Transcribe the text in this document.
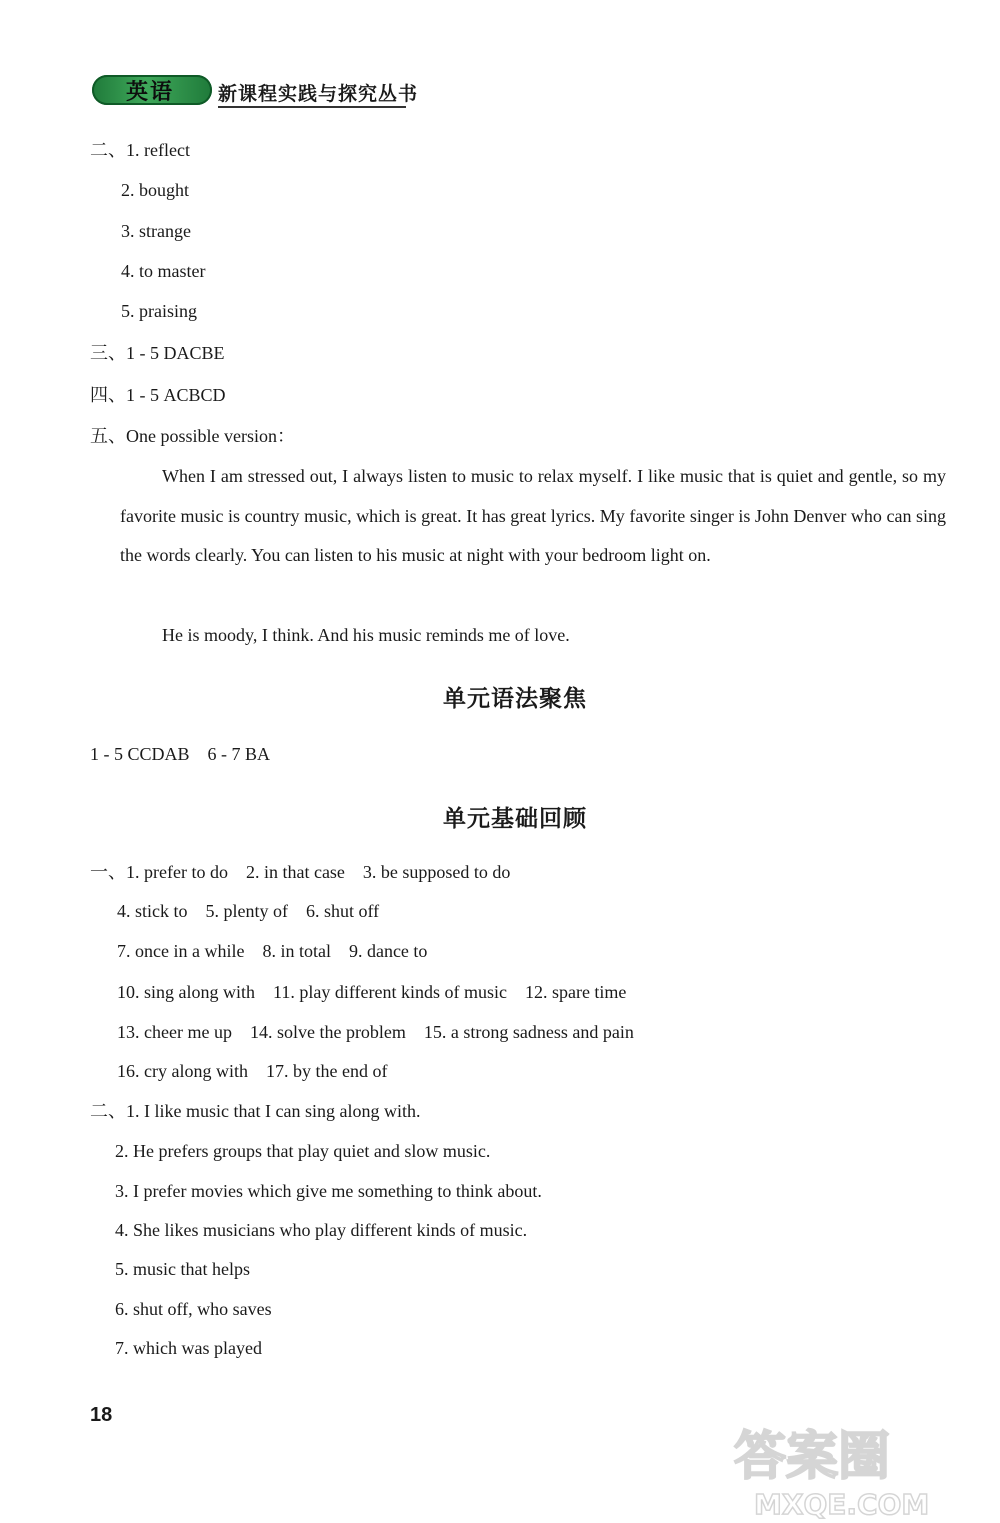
英语 新课程实践与探究丛书
二、1. reflect
2. bought
3. strange
4. to master
5. praising
三、1 - 5 DACBE
四、1 - 5 ACBCD
五、One possible version：
When I am stressed out, I always listen to music to relax myself. I like music that is quiet and gentle, so my favorite music is country music, which is great. It has great lyrics. My favorite singer is John Denver who can sing the words clearly. You can listen to his music at night with your bedroom light on.
He is moody, I think. And his music reminds me of love.
单元语法聚焦
1 - 5 CCDAB    6 - 7 BA
单元基础回顾
一、1. prefer to do    2. in that case    3. be supposed to do
4. stick to    5. plenty of    6. shut off
7. once in a while    8. in total    9. dance to
10. sing along with    11. play different kinds of music    12. spare time
13. cheer me up    14. solve the problem    15. a strong sadness and pain
16. cry along with    17. by the end of
二、1. I like music that I can sing along with.
2. He prefers groups that play quiet and slow music.
3. I prefer movies which give me something to think about.
4. She likes musicians who play different kinds of music.
5. music that helps
6. shut off, who saves
7. which was played
18
答案圈
MXQE.COM
